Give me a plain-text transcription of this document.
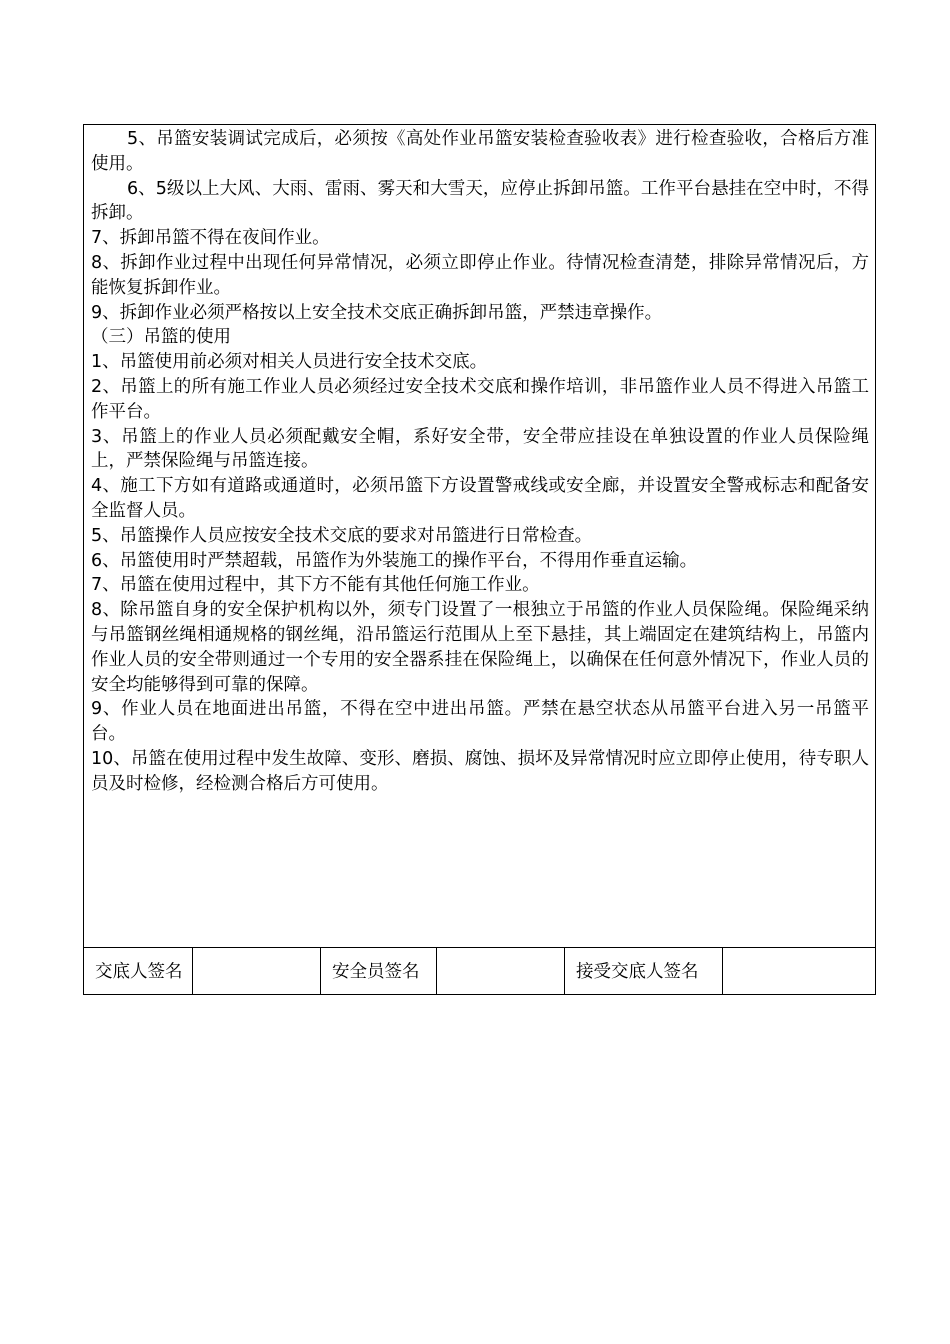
5、吊篮安装调试完成后，必须按《高处作业吊篮安装检查验收表》进行检查验收，合格后方准使用。

6、5级以上大风、大雨、雷雨、雾天和大雪天，应停止拆卸吊篮。工作平台悬挂在空中时，不得拆卸。

7、拆卸吊篮不得在夜间作业。

8、拆卸作业过程中出现任何异常情况，必须立即停止作业。待情况检查清楚，排除异常情况后，方能恢复拆卸作业。

9、拆卸作业必须严格按以上安全技术交底正确拆卸吊篮，严禁违章操作。

（三）吊篮的使用

1、吊篮使用前必须对相关人员进行安全技术交底。

2、吊篮上的所有施工作业人员必须经过安全技术交底和操作培训，非吊篮作业人员不得进入吊篮工作平台。

3、吊篮上的作业人员必须配戴安全帽，系好安全带，安全带应挂设在单独设置的作业人员保险绳上，严禁保险绳与吊篮连接。

4、施工下方如有道路或通道时，必须吊篮下方设置警戒线或安全廊，并设置安全警戒标志和配备安全监督人员。

5、吊篮操作人员应按安全技术交底的要求对吊篮进行日常检查。

6、吊篮使用时严禁超载，吊篮作为外装施工的操作平台，不得用作垂直运输。

7、吊篮在使用过程中，其下方不能有其他任何施工作业。

8、除吊篮自身的安全保护机构以外，须专门设置了一根独立于吊篮的作业人员保险绳。保险绳采纳与吊篮钢丝绳相通规格的钢丝绳，沿吊篮运行范围从上至下悬挂，其上端固定在建筑结构上，吊篮内作业人员的安全带则通过一个专用的安全器系挂在保险绳上，以确保在任何意外情况下，作业人员的安全均能够得到可靠的保障。

9、作业人员在地面进出吊篮，不得在空中进出吊篮。严禁在悬空状态从吊篮平台进入另一吊篮平台。

10、吊篮在使用过程中发生故障、变形、磨损、腐蚀、损坏及异常情况时应立即停止使用，待专职人员及时检修，经检测合格后方可使用。

交底人签名	安全员签名	接受交底人签名
